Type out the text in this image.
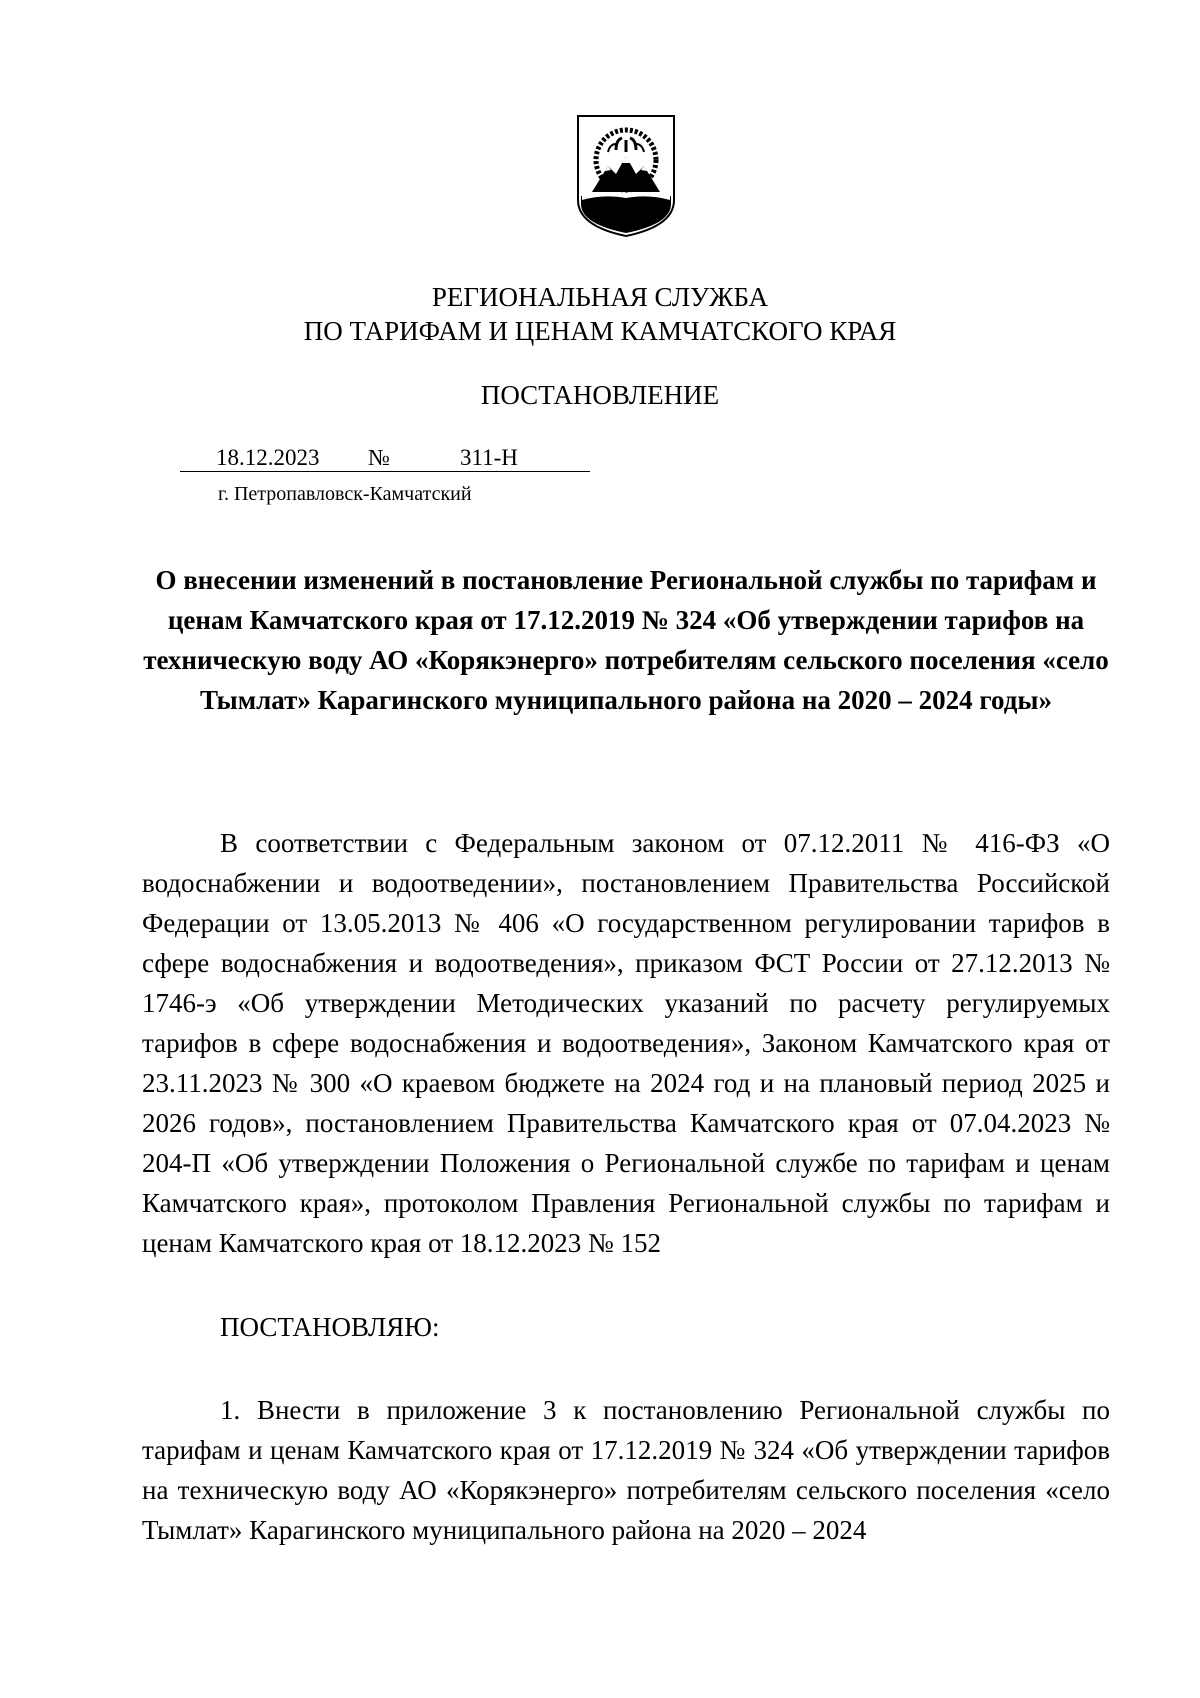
РЕГИОНАЛЬНАЯ СЛУЖБА
ПО ТАРИФАМ И ЦЕНАМ КАМЧАТСКОГО КРАЯ
ПОСТАНОВЛЕНИЕ
18.12.2023 №	311-Н
г. Петропавловск-Камчатский
О внесении изменений в постановление Региональной службы по тарифам и ценам Камчатского края от 17.12.2019 № 324 «Об утверждении тарифов на техническую воду АО «Корякэнерго» потребителям сельского поселения «село Тымлат» Карагинского муниципального района на 2020 – 2024 годы»
В соответствии с Федеральным законом от 07.12.2011 № 416-ФЗ «О водоснабжении и водоотведении», постановлением Правительства Российской Федерации от 13.05.2013 № 406 «О государственном регулировании тарифов в сфере водоснабжения и водоотведения», приказом ФСТ России от 27.12.2013 № 1746-э «Об утверждении Методических указаний по расчету регулируемых тарифов в сфере водоснабжения и водоотведения», Законом Камчатского края от 23.11.2023 № 300 «О краевом бюджете на 2024 год и на плановый период 2025 и 2026 годов», постановлением Правительства Камчатского края от 07.04.2023 № 204-П «Об утверждении Положения о Региональной службе по тарифам и ценам Камчатского края», протоколом Правления Региональной службы по тарифам и ценам Камчатского края от 18.12.2023 № 152
ПОСТАНОВЛЯЮ:
1. Внести в приложение 3 к постановлению Региональной службы по тарифам и ценам Камчатского края от 17.12.2019 № 324 «Об утверждении тарифов на техническую воду АО «Корякэнерго» потребителям сельского поселения «село Тымлат» Карагинского муниципального района на 2020 – 2024
